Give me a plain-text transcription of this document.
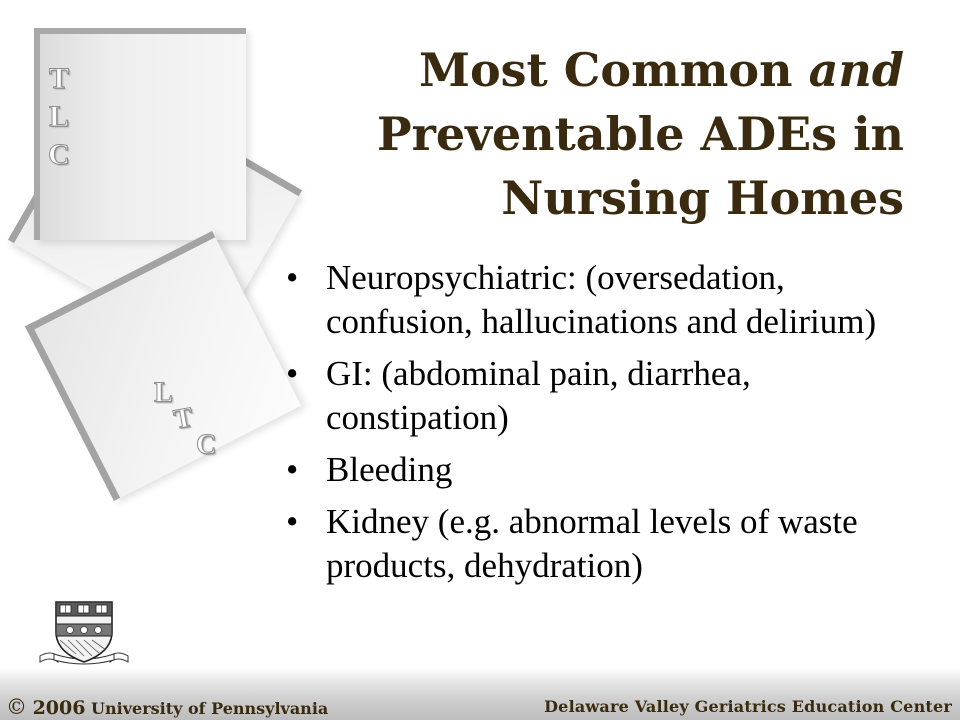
T
L
C

L
T
C
Most Common and
Preventable ADEs in
Nursing Homes
• Neuropsychiatric: (oversedation, confusion, hallucinations and delirium)
• GI: (abdominal pain, diarrhea, constipation)
• Bleeding
• Kidney (e.g. abnormal levels of waste products, dehydration)

© 2006 University of Pennsylvania	Delaware Valley Geriatrics Education Center
